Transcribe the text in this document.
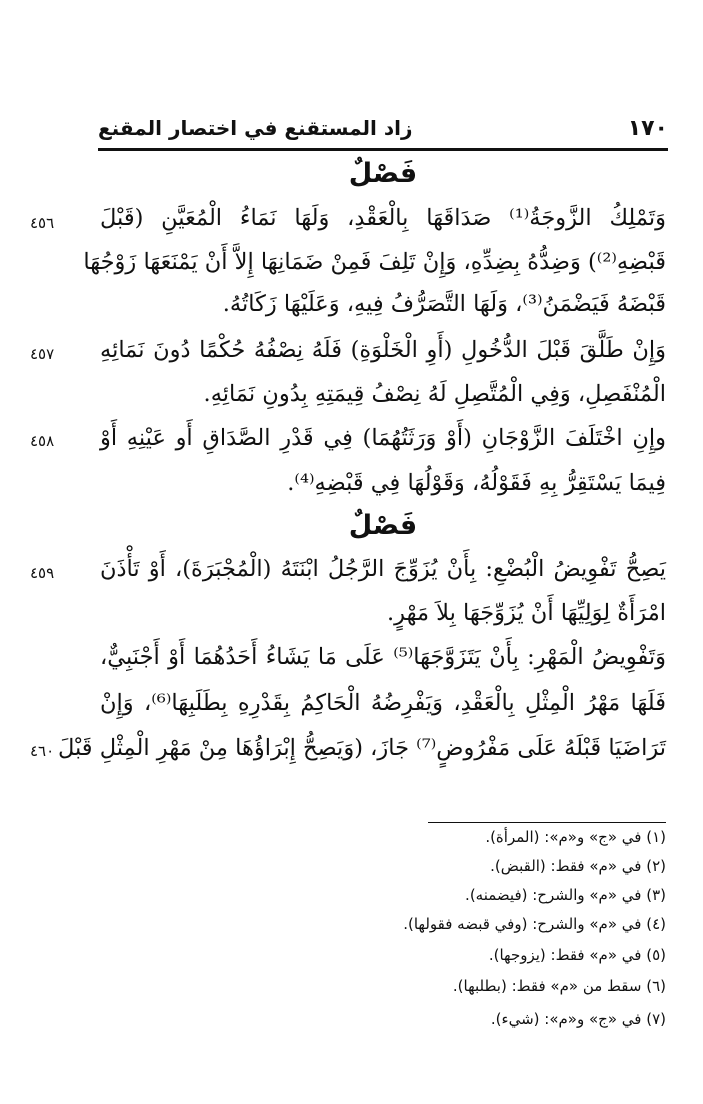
١٧٠
زاد المستقنع في اختصار المقنع
فَصْلٌ
وَتَمْلِكُ الزَّوجَةُ⁽¹⁾ صَدَاقَهَا بِالْعَقْدِ، وَلَهَا نَمَاءُ الْمُعَيَّنِ (قَبْلَ
٤٥٦
قَبْضِهِ⁽²⁾) وَضِدُّهُ بِضِدِّهِ، وَإِنْ تَلِفَ فَمِنْ ضَمَانِهَا إِلاَّ أَنْ يَمْنَعَهَا زَوْجُهَا
قَبْضَهُ فَيَضْمَنُ⁽³⁾، وَلَهَا التَّصَرُّفُ فِيهِ، وَعَلَيْهَا زَكَاتُهُ.
وَإِنْ طَلَّقَ قَبْلَ الدُّخُولِ (أَوِ الْخَلْوَةِ) فَلَهُ نِصْفُهُ حُكْمًا دُونَ نَمَائِهِ
٤٥٧
الْمُنْفَصِلِ، وَفِي الْمُتَّصِلِ لَهُ نِصْفُ قِيمَتِهِ بِدُونِ نَمَائِهِ.
وإِنِ اخْتَلَفَ الزَّوْجَانِ (أَوْ وَرَثَتُهُمَا) فِي قَدْرِ الصَّدَاقِ أَو عَيْنِهِ أَوْ
٤٥٨
فِيمَا يَسْتَقِرُّ بِهِ فَقَوْلُهُ، وَقَوْلُهَا فِي قَبْضِهِ⁽⁴⁾.
فَصْلٌ
يَصِحُّ تَفْوِيضُ الْبُضْعِ: بِأَنْ يُزَوِّجَ الرَّجُلُ ابْنَتَهُ (الْمُجْبَرَةَ)، أَوْ تَأْذَنَ
٤٥٩
امْرَأَةٌ لِوَلِيِّهَا أَنْ يُزَوِّجَهَا بِلاَ مَهْرٍ.
وَتَفْوِيضُ الْمَهْرِ: بِأَنْ يَتَزَوَّجَهَا⁽⁵⁾ عَلَى مَا يَشَاءُ أَحَدُهُمَا أَوْ أَجْنَبِيٌّ،
فَلَهَا مَهْرُ الْمِثْلِ بِالْعَقْدِ، وَيَفْرِضُهُ الْحَاكِمُ بِقَدْرِهِ بِطَلَبِهَا⁽⁶⁾، وَإِنْ
تَرَاضَيَا قَبْلَهُ عَلَى مَفْرُوضٍ⁽⁷⁾ جَازَ، (وَيَصِحُّ إِبْرَاؤُهَا مِنْ مَهْرِ الْمِثْلِ قَبْلَ
٤٦٠
(١) في «ج» و«م»: (المرأة).
(٢) في «م» فقط: (القبض).
(٣) في «م» والشرح: (فيضمنه).
(٤) في «م» والشرح: (وفي قبضه فقولها).
(٥) في «م» فقط: (يزوجها).
(٦) سقط من «م» فقط: (بطلبها).
(٧) في «ج» و«م»: (شيء).
